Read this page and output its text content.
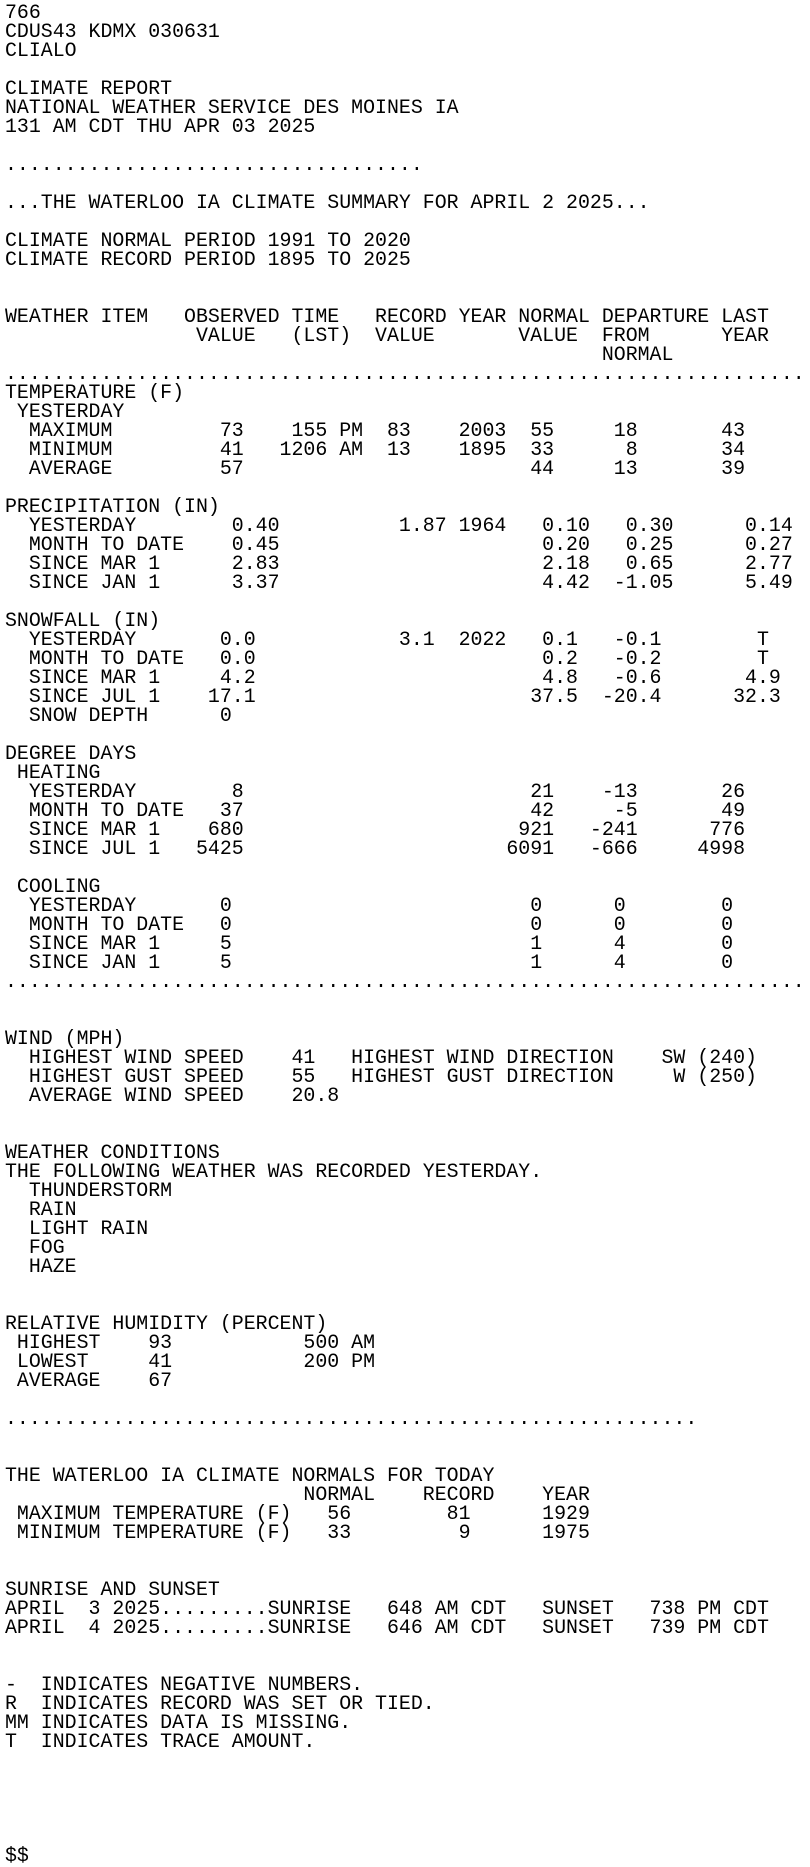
766
CDUS43 KDMX 030631
CLIALO
CLIMATE REPORT
NATIONAL WEATHER SERVICE DES MOINES IA
131 AM CDT THU APR 03 2025
...................................
...THE WATERLOO IA CLIMATE SUMMARY FOR APRIL 2 2025...
CLIMATE NORMAL PERIOD 1991 TO 2020
CLIMATE RECORD PERIOD 1895 TO 2025
WEATHER ITEM   OBSERVED TIME   RECORD YEAR NORMAL DEPARTURE LAST
VALUE   (LST)  VALUE       VALUE  FROM      YEAR
NORMAL
...................................................................
TEMPERATURE (F)
YESTERDAY
MAXIMUM         73    155 PM  83    2003  55     18       43
MINIMUM         41   1206 AM  13    1895  33      8       34
AVERAGE         57                        44     13       39
PRECIPITATION (IN)
YESTERDAY        0.40          1.87 1964   0.10   0.30      0.14
MONTH TO DATE    0.45                      0.20   0.25      0.27
SINCE MAR 1      2.83                      2.18   0.65      2.77
SINCE JAN 1      3.37                      4.42  -1.05      5.49
SNOWFALL (IN)
YESTERDAY       0.0            3.1  2022   0.1   -0.1        T
MONTH TO DATE   0.0                        0.2   -0.2        T
SINCE MAR 1     4.2                        4.8   -0.6       4.9
SINCE JUL 1    17.1                       37.5  -20.4      32.3
SNOW DEPTH      0
DEGREE DAYS
HEATING
YESTERDAY        8                        21    -13       26
MONTH TO DATE   37                        42     -5       49
SINCE MAR 1    680                       921   -241      776
SINCE JUL 1   5425                      6091   -666     4998
COOLING
YESTERDAY       0                         0      0        0
MONTH TO DATE   0                         0      0        0
SINCE MAR 1     5                         1      4        0
SINCE JAN 1     5                         1      4        0
...................................................................
WIND (MPH)
HIGHEST WIND SPEED    41   HIGHEST WIND DIRECTION    SW (240)
HIGHEST GUST SPEED    55   HIGHEST GUST DIRECTION     W (250)
AVERAGE WIND SPEED    20.8
WEATHER CONDITIONS
THE FOLLOWING WEATHER WAS RECORDED YESTERDAY.
THUNDERSTORM
RAIN
LIGHT RAIN
FOG
HAZE
RELATIVE HUMIDITY (PERCENT)
HIGHEST    93           500 AM
LOWEST     41           200 PM
AVERAGE    67
..........................................................
THE WATERLOO IA CLIMATE NORMALS FOR TODAY
NORMAL    RECORD    YEAR
MAXIMUM TEMPERATURE (F)   56        81      1929
MINIMUM TEMPERATURE (F)   33         9      1975
SUNRISE AND SUNSET
APRIL  3 2025.........SUNRISE   648 AM CDT   SUNSET   738 PM CDT
APRIL  4 2025.........SUNRISE   646 AM CDT   SUNSET   739 PM CDT
-  INDICATES NEGATIVE NUMBERS.
R  INDICATES RECORD WAS SET OR TIED.
MM INDICATES DATA IS MISSING.
T  INDICATES TRACE AMOUNT.
$$
